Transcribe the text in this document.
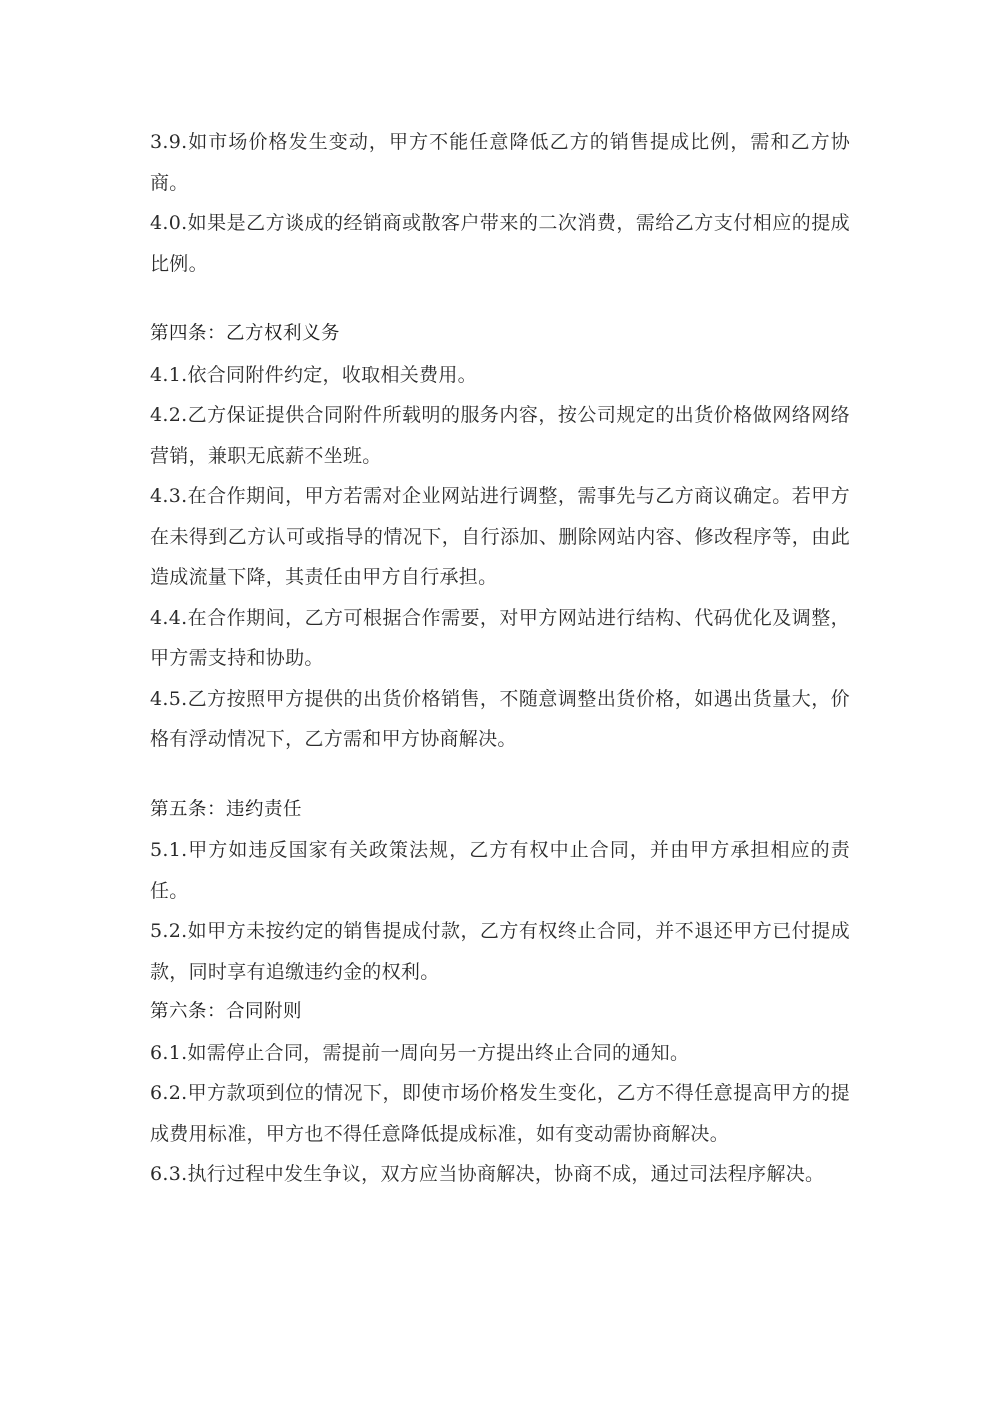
3.9.如市场价格发生变动，甲方不能任意降低乙方的销售提成比例，需和乙方协商。

4.0.如果是乙方谈成的经销商或散客户带来的二次消费，需给乙方支付相应的提成比例。

第四条：乙方权利义务

4.1.依合同附件约定，收取相关费用。

4.2.乙方保证提供合同附件所载明的服务内容，按公司规定的出货价格做网络网络营销，兼职无底薪不坐班。

4.3.在合作期间，甲方若需对企业网站进行调整，需事先与乙方商议确定。若甲方在未得到乙方认可或指导的情况下，自行添加、删除网站内容、修改程序等，由此造成流量下降，其责任由甲方自行承担。

4.4.在合作期间，乙方可根据合作需要，对甲方网站进行结构、代码优化及调整，甲方需支持和协助。

4.5.乙方按照甲方提供的出货价格销售，不随意调整出货价格，如遇出货量大，价格有浮动情况下，乙方需和甲方协商解决。

第五条：违约责任

5.1.甲方如违反国家有关政策法规，乙方有权中止合同，并由甲方承担相应的责任。

5.2.如甲方未按约定的销售提成付款，乙方有权终止合同，并不退还甲方已付提成款，同时享有追缴违约金的权利。

第六条：合同附则

6.1.如需停止合同，需提前一周向另一方提出终止合同的通知。

6.2.甲方款项到位的情况下，即使市场价格发生变化，乙方不得任意提高甲方的提成费用标准，甲方也不得任意降低提成标准，如有变动需协商解决。

6.3.执行过程中发生争议，双方应当协商解决，协商不成，通过司法程序解决。
